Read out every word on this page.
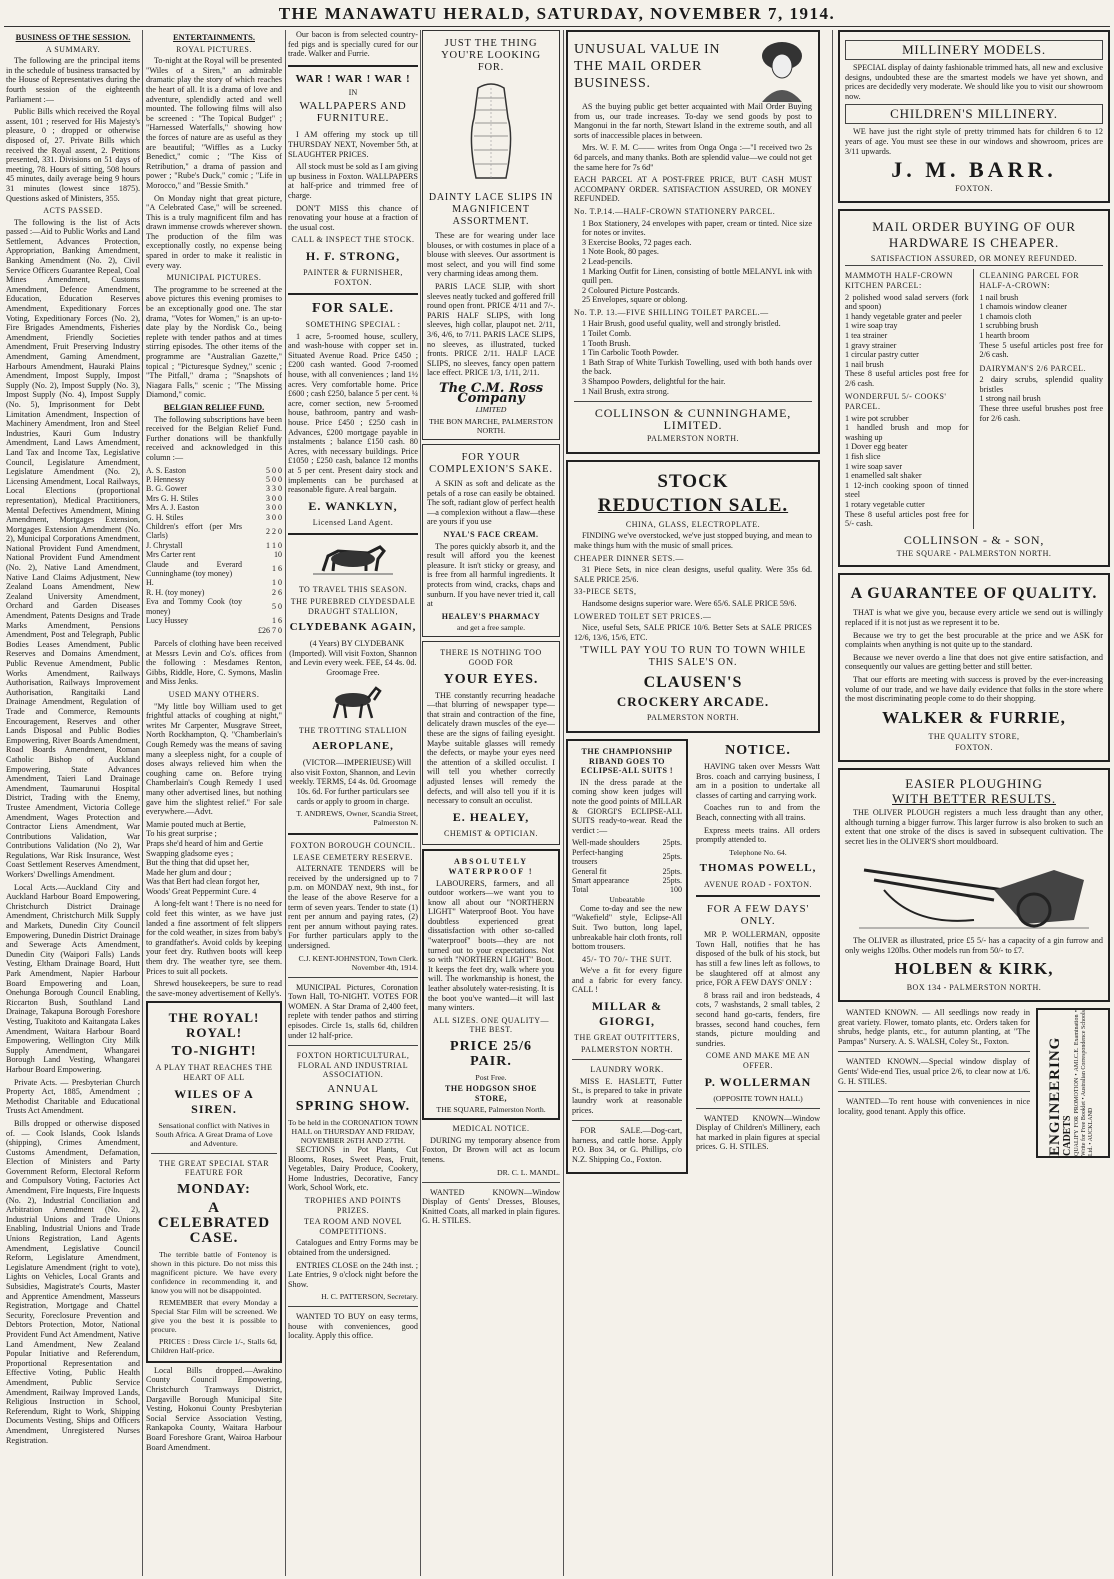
THE MANAWATU HERALD, SATURDAY, NOVEMBER 7, 1914.
BUSINESS OF THE SESSION.
A SUMMARY.
The following are the principal items in the schedule of business transacted by the House of Representatives during the fourth session of the eighteenth Parliament :—
Public Bills which received the Royal assent, 101 ; reserved for His Majesty's pleasure, 0 ; dropped or otherwise disposed of, 27. Private Bills which received the Royal assent, 2. Petitions presented, 331. Divisions on 51 days of meeting, 78. Hours of sitting, 508 hours 45 minutes, daily average being 9 hours 31 minutes (lowest since 1875). Questions asked of Ministers, 355.
ACTS PASSED.
The following is the list of Acts passed :—Aid to Public Works and Land Settlement, Advances Protection, Appropriation, Banking Amendment, Banking Amendment (No. 2), Civil Service Officers Guarantee Repeal, Coal Mines Amendment, Customs Amendment, Defence Amendment, Education, Education Reserves Amendment, Expeditionary Forces Voting, Expeditionary Forces (No. 2), Fire Brigades Amendments, Fisheries Amendment, Friendly Societies Amendment, Fruit Preserving Industry Amendment, Gaming Amendment, Harbours Amendment, Hauraki Plains Amendment, Impost Supply, Impost Supply (No. 2), Impost Supply (No. 3), Impost Supply (No. 4), Impost Supply (No. 5), Imprisonment for Debt Limitation Amendment, Inspection of Machinery Amendment, Iron and Steel Industries, Kauri Gum Industry Amendment, Land Laws Amendment, Land Tax and Income Tax, Legislative Council, Legislature Amendment, Legislature Amendment (No. 2), Licensing Amendment, Local Railways, Local Elections (proportional representation), Medical Practitioners, Mental Defectives Amendment, Mining Amendment, Mortgages Extension, Mortgages Extension Amendment (No. 2), Municipal Corporations Amendment, National Provident Fund Amendment, National Provident Fund Amendment (No. 2), Native Land Amendment, Native Land Claims Adjustment, New Zealand Loans Amendment, New Zealand University Amendment, Orchard and Garden Diseases Amendment, Patents Designs and Trade Marks Amendment, Pensions Amendment, Post and Telegraph, Public Bodies Leases Amendment, Public Reserves and Domains Amendment, Public Revenue Amendment, Public Works Amendment, Railways Authorisation, Railways Improvement Authorisation, Rangitaiki Land Drainage Amendment, Regulation of Trade and Commerce, Remounts Encouragement, Reserves and other Lands Disposal and Public Bodies Empowering, River Boards Amendment, Road Boards Amendment, Roman Catholic Bishop of Auckland Empowering, State Advances Amendment, Taieri Land Drainage Amendment, Taumarunui Hospital District, Trading with the Enemy, Trustee Amendment, Victoria College Amendment, Wages Protection and Contractor Liens Amendment, War Contributions Validation, War Contributions Validation (No 2), War Regulations, War Risk Insurance, West Coast Settlement Reserves Amendment, Workers' Dwellings Amendment.
Local Acts.—Auckland City and Auckland Harbour Board Empowering, Christchurch District Drainage Amendment, Christchurch Milk Supply and Markets, Dunedin City Council Empowering, Dunedin District Drainage and Sewerage Acts Amendment, Dunedin City (Waipori Falls) Lands Vesting, Eltham Drainage Board, Hutt Park Amendment, Napier Harbour Board Empowering and Loan, Onehunga Borough Council Enabling, Riccarton Bush, Southland Land Drainage, Takapuna Borough Foreshore Vesting, Tuakitoto and Kaitangata Lakes Amendment, Waitara Harbour Board Empowering, Wellington City Milk Supply Amendment, Whangarei Borough Land Vesting, Whangarei Harbour Board Empowering.
Private Acts. — Presbyterian Church Property Act, 1885, Amendment ; Methodist Charitable and Educational Trusts Act Amendment.
Bills dropped or otherwise disposed of. — Cook Islands, Cook Islands (shipping), Crimes Amendment, Customs Amendment, Defamation, Election of Ministers and Party Government Reform, Electoral Reform and Compulsory Voting, Factories Act Amendment, Fire Inquests, Fire Inquests (No. 2), Industrial Conciliation and Arbitration Amendment (No. 2), Industrial Unions and Trade Unions Enabling, Industrial Unions and Trade Unions Registration, Land Agents Amendment, Legislative Council Reform, Legislature Amendment, Legislature Amendment (right to vote), Lights on Vehicles, Local Grants and Subsidies, Magistrate's Courts, Master and Apprentice Amendment, Masseurs Registration, Mortgage and Chattel Security, Foreclosure Prevention and Debtors Protection, Motor, National Provident Fund Act Amendment, Native Land Amendment, New Zealand Popular Initiative and Referendum, Proportional Representation and Effective Voting, Public Health Amendment, Public Service Amendment, Railway Improved Lands, Religious Instruction in School, Referendum, Right to Work, Shipping Documents Vesting, Ships and Officers Amendment, Unregistered Nurses Registration.
ENTERTAINMENTS.
ROYAL PICTURES.
To-night at the Royal will be presented "Wiles of a Siren," an admirable dramatic play the story of which reaches the heart of all. It is a drama of love and adventure, splendidly acted and well mounted. The following films will also be screened : "The Topical Budget" ; "Harnessed Waterfalls," showing how the forces of nature are as useful as they are beautiful; "Wiffles as a Lucky Benedict," comic ; "The Kiss of Retribution," a drama of passion and power ; "Rube's Duck," comic ; "Life in Morocco," and "Bessie Smith."
On Monday night that great picture, "A Celebrated Case," will be screened. This is a truly magnificent film and has drawn immense crowds wherever shown. The production of the film was exceptionally costly, no expense being spared in order to make it realistic in every way.
MUNICIPAL PICTURES.
The programme to be screened at the above pictures this evening promises to be an exceptionally good one. The star drama, "Votes for Women," is an up-to-date play by the Nordisk Co., being replete with tender pathos and at times stirring episodes. The other items of the programme are "Australian Gazette," topical ; "Picturesque Sydney," scenic ; "The Pitfall," drama ; "Snapshots of Niagara Falls," scenic ; "The Missing Diamond," comic.
BELGIAN RELIEF FUND.
The following subscriptions have been received for the Belgian Relief Fund. Further donations will be thankfully received and acknowledged in this column :—
A. S. Easton	5 0 0
P. Hennessy	5 0 0
B. G. Gower	3 3 0
Mrs G. H. Stiles	3 0 0
Mrs A. J. Easton	3 0 0
G. H. Stiles	3 0 0
Children's effort (per Mrs Clarls)	2 2 0
J. Chrystall	1 1 0
Mrs Carter rent	10
Claude and Everard Cunninghame (toy money)	1 6
H.	1 0
R. H. (toy money)	2 6
Eva and Tommy Cook (toy money)	5 0
Lucy Hussey	1 6
£26 7 0
Parcels of clothing have been received at Messrs Levin and Co's. offices from the following : Mesdames Renton, Gibbs, Riddle, Hore, C. Symons, Maslin and Miss Jenks.
USED MANY OTHERS.
"My little boy William used to get frightful attacks of coughing at night," writes Mr Carpenter, Musgrave Street, North Rockhampton, Q. "Chamberlain's Cough Remedy was the means of saving many a sleepless night, for a couple of doses always relieved him when the coughing came on. Before trying Chamberlain's Cough Remedy I used many other advertised lines, but nothing gave him the slightest relief." For sale everywhere.—Advt.
Mamie pouted much at Bertie,
To his great surprise ;
Praps she'd heard of him and Gertie
Swapping gladsome eyes ;
But the thing that did upset her,
Made her glum and dour ;
Was that Bert had clean forgot her,
Woods' Great Peppermint Cure. 4
A long-felt want ! There is no need for cold feet this winter, as we have just landed a fine assortment of felt slippers for the cold weather, in sizes from baby's to grandfather's. Avoid colds by keeping your feet dry. Ruthven boots will keep them dry. The weather tyre, see them. Prices to suit all pockets.
Shrewd housekeepers, be sure to read the save-money advertisement of Kelly's.
THE ROYAL! ROYAL!
TO-NIGHT!
A PLAY THAT REACHES THE HEART OF ALL
WILES OF A SIREN.
Sensational conflict with Natives in South Africa. A Great Drama of Love and Adventure.
THE GREAT SPECIAL STAR FEATURE FOR
MONDAY:
A CELEBRATED CASE.
The terrible battle of Fontenoy is shown in this picture. Do not miss this magnificent picture. We have every confidence in recommending it, and know you will not be disappointed.
REMEMBER that every Monday a Special Star Film will be screened. We give you the best it is possible to procure.
PRICES : Dress Circle 1/-, Stalls 6d, Children Half-price.
Local Bills dropped.—Awakino County Council Empowering, Christchurch Tramways District, Dargaville Borough Municipal Site Vesting, Hokonui County Presbyterian Social Service Association Vesting, Rankapoka County, Waitara Harbour Board Foreshore Grant, Wairoa Harbour Board Amendment.
Our bacon is from selected country-fed pigs and is specially cured for our trade. Walker and Furrie.
WAR ! WAR ! WAR !
IN
WALLPAPERS AND FURNITURE.
I AM offering my stock up till THURSDAY NEXT, November 5th, at SLAUGHTER PRICES.
All stock must be sold as I am giving up business in Foxton. WALLPAPERS at half-price and trimmed free of charge.
DON'T MISS this chance of renovating your house at a fraction of the usual cost.
CALL & INSPECT THE STOCK.
H. F. STRONG,
PAINTER & FURNISHER, FOXTON.
FOR SALE.
SOMETHING SPECIAL :
1 acre, 5-roomed house, scullery, and wash-house with copper set in. Situated Avenue Road. Price £450 ; £200 cash wanted. Good 7-roomed house, with all conveniences ; land 1½ acres. Very comfortable home. Price £600 ; cash £250, balance 5 per cent. ¼ acre, corner section, new 5-roomed house, bathroom, pantry and wash-house. Price £450 ; £250 cash in Advances, £200 mortgage payable in instalments ; balance £150 cash. 80 Acres, with necessary buildings. Price £1050 ; £250 cash, balance 12 months at 5 per cent. Present dairy stock and implements can be purchased at reasonable figure. A real bargain.
E. WANKLYN,
Licensed Land Agent.
TO TRAVEL THIS SEASON.
THE PUREBRED CLYDESDALE DRAUGHT STALLION,
CLYDEBANK AGAIN,
(4 Years) BY CLYDEBANK (Imported). Will visit Foxton, Shannon and Levin every week. FEE, £4 4s. 0d. Groomage Free.
THE TROTTING STALLION
AEROPLANE,
(VICTOR—IMPERIEUSE) Will also visit Foxton, Shannon, and Levin weekly. TERMS, £4 4s. 0d. Groomage 10s. 6d. For further particulars see cards or apply to groom in charge.
T. ANDREWS, Owner, Scandia Street, Palmerston N.
FOXTON BOROUGH COUNCIL.
LEASE CEMETERY RESERVE.
ALTERNATE TENDERS will be received by the undersigned up to 7 p.m. on MONDAY next, 9th inst., for the lease of the above Reserve for a term of seven years. Tender to state (1) rent per annum and paying rates, (2) rent per annum without paying rates. For further particulars apply to the undersigned.
C.J. KENT-JOHNSTON, Town Clerk. November 4th, 1914.
MUNICIPAL Pictures, Coronation Town Hall, TO-NIGHT. VOTES FOR WOMEN. A Star Drama of 2,400 feet, replete with tender pathos and stirring episodes. Circle 1s, stalls 6d, children under 12 half-price.
FOXTON HORTICULTURAL, FLORAL AND INDUSTRIAL ASSOCIATION.
ANNUAL
SPRING SHOW.
To be held in the CORONATION TOWN HALL on THURSDAY AND FRIDAY, NOVEMBER 26TH AND 27TH.
SECTIONS in Pot Plants, Cut Blooms, Roses, Sweet Peas, Fruit, Vegetables, Dairy Produce, Cookery, Home Industries, Decorative, Fancy Work, School Work, etc.
TROPHIES AND POINTS PRIZES.
TEA ROOM AND NOVEL COMPETITIONS.
Catalogues and Entry Forms may be obtained from the undersigned.
ENTRIES CLOSE on the 24th inst. ; Late Entries, 9 o'clock night before the Show.
H. C. PATTERSON, Secretary.
WANTED TO BUY on easy terms, house with conveniences, good locality. Apply this office.
JUST THE THING YOU'RE LOOKING FOR.
DAINTY LACE SLIPS IN MAGNIFICENT ASSORTMENT.
These are for wearing under lace blouses, or with costumes in place of a blouse with sleeves. Our assortment is most select, and you will find some very charming ideas among them.
PARIS LACE SLIP, with short sleeves neatly tucked and goffered frill round open front. PRICE 4/11 and 7/-. PARIS HALF SLIPS, with long sleeves, high collar, plaupot net. 2/11, 3/6, 4/6, to 7/11. PARIS LACE SLIPS, no sleeves, as illustrated, tucked fronts. PRICE 2/11. HALF LACE SLIPS, no sleeves, fancy open pattern lace effect. PRICE 1/3, 1/11, 2/11.
The C.M. Ross Company
LIMITED
THE BON MARCHE, PALMERSTON NORTH.
FOR YOUR COMPLEXION'S SAKE.
A SKIN as soft and delicate as the petals of a rose can easily be obtained. The soft, radiant glow of perfect health—a complexion without a flaw—these are yours if you use
NYAL'S FACE CREAM.
The pores quickly absorb it, and the result will afford you the keenest pleasure. It isn't sticky or greasy, and is free from all harmful ingredients. It protects from wind, cracks, chaps and sunburn. If you have never tried it, call at
HEALEY'S PHARMACY
and get a free sample.
THERE IS NOTHING TOO GOOD FOR
YOUR EYES.
THE constantly recurring headache—that blurring of newspaper type—that strain and contraction of the fine, delicately drawn muscles of the eye—these are the signs of failing eyesight. Maybe suitable glasses will remedy the defects, or maybe your eyes need the attention of a skilled occulist. I will tell you whether correctly adjusted lenses will remedy the defects, and will also tell you if it is necessary to consult an occulist.
E. HEALEY,
CHEMIST & OPTICIAN.
ABSOLUTELY WATERPROOF !
LABOURERS, farmers, and all outdoor workers—we want you to know all about our "NORTHERN LIGHT" Waterproof Boot. You have doubtless experienced great dissatisfaction with other so-called "waterproof" boots—they are not turned out to your expectations. Not so with "NORTHERN LIGHT" Boot. It keeps the feet dry, walk where you will. The workmanship is honest, the leather absolutely water-resisting. It is the boot you've wanted—it will last many winters.
ALL SIZES. ONE QUALITY—THE BEST.
PRICE 25/6 PAIR.
Post Free.
THE HODGSON SHOE STORE,
THE SQUARE, Palmerston North.
MEDICAL NOTICE.
DURING my temporary absence from Foxton, Dr Brown will act as locum tenens.
DR. C. L. MANDL.
WANTED KNOWN—Window Display of Gents' Dresses, Blouses, Knitted Coats, all marked in plain figures. G. H. STILES.
UNUSUAL VALUE IN THE MAIL ORDER BUSINESS.
AS the buying public get better acquainted with Mail Order Buying from us, our trade increases. To-day we send goods by post to Mangonui in the far north, Stewart Island in the extreme south, and all sorts of inaccessible places in between.
Mrs. W. F. M. C—— writes from Onga Onga :—"I received two 2s 6d parcels, and many thanks. Both are splendid value—we could not get the same here for 7s 6d"
EACH PARCEL AT A POST-FREE PRICE, BUT CASH MUST ACCOMPANY ORDER. SATISFACTION ASSURED, OR MONEY REFUNDED.
No. T.P.14.—HALF-CROWN STATIONERY PARCEL.
1 Box Stationery, 24 envelopes with paper, cream or tinted. Nice size for notes or invites.
3 Exercise Books, 72 pages each.
1 Note Book, 80 pages.
2 Lead-pencils.
1 Marking Outfit for Linen, consisting of bottle MELANYL ink with quill pen.
2 Coloured Picture Postcards.
25 Envelopes, square or oblong.
No. T.P. 13.—FIVE SHILLING TOILET PARCEL.—
1 Hair Brush, good useful quality, well and strongly bristled.
1 Toilet Comb.
1 Tooth Brush.
1 Tin Carbolic Tooth Powder.
1 Bath Strap of White Turkish Towelling, used with both hands over the back.
3 Shampoo Powders, delightful for the hair.
1 Nail Brush, extra strong.
COLLINSON & CUNNINGHAME, LIMITED.
PALMERSTON NORTH.
STOCK
REDUCTION SALE.
CHINA, GLASS, ELECTROPLATE.
FINDING we've overstocked, we've just stopped buying, and mean to make things hum with the music of small prices.
CHEAPER DINNER SETS.—
31 Piece Sets, in nice clean designs, useful quality. Were 35s 6d. SALE PRICE 25/6.
33-PIECE SETS,
Handsome designs superior ware. Were 65/6. SALE PRICE 59/6.
LOWERED TOILET SET PRICES.—
Nice, useful Sets, SALE PRICE 10/6. Better Sets at SALE PRICES 12/6, 13/6, 15/6, ETC.
'TWILL PAY YOU TO RUN TO TOWN WHILE THIS SALE'S ON.
CLAUSEN'S
CROCKERY ARCADE.
PALMERSTON NORTH.
THE CHAMPIONSHIP RIBAND GOES TO ECLIPSE-ALL SUITS !
IN the dress parade at the coming show keen judges will note the good points of MILLAR & GIORGI'S ECLIPSE-ALL SUITS ready-to-wear. Read the verdict :—
Well-made shoulders	25pts.
Perfect-hanging trousers	25pts.
General fit	25pts.
Smart appearance	25pts.
Total	100
Unbeatable
Come to-day and see the new "Wakefield" style, Eclipse-All Suit. Two button, long lapel, unbreakable hair cloth fronts, roll bottom trousers.
45/- TO 70/- THE SUIT.
We've a fit for every figure and a fabric for every fancy. CALL !
MILLAR & GIORGI,
THE GREAT OUTFITTERS,
PALMERSTON NORTH.
LAUNDRY WORK.
MISS E. HASLETT, Futter St., is prepared to take in private laundry work at reasonable prices.
FOR SALE.—Dog-cart, harness, and cattle horse. Apply P.O. Box 34, or G. Phillips, c/o N.Z. Shipping Co., Foxton.
NOTICE.
HAVING taken over Messrs Watt Bros. coach and carrying business, I am in a position to undertake all classes of carting and carrying work.
Coaches run to and from the Beach, connecting with all trains.
Express meets trains. All orders promptly attended to.
Telephone No. 64.
THOMAS POWELL,
AVENUE ROAD - FOXTON.
FOR A FEW DAYS' ONLY.
MR P. WOLLERMAN, opposite Town Hall, notifies that he has disposed of the bulk of his stock, but has still a few lines left as follows, to be slaughtered off at almost any price, FOR A FEW DAYS' ONLY :
8 brass rail and iron bedsteads, 4 cots, 7 washstands, 2 small tables, 2 second hand go-carts, fenders, fire brasses, second hand couches, fern stands, picture moulding and sundries.
COME AND MAKE ME AN OFFER.
P. WOLLERMAN
(OPPOSITE TOWN HALL)
WANTED KNOWN—Window Display of Children's Millinery, each hat marked in plain figures at special prices. G. H. STILES.
MILLINERY MODELS.
SPECIAL display of dainty fashionable trimmed hats, all new and exclusive designs, undoubted these are the smartest models we have yet shown, and prices are decidedly very moderate. We should like you to visit our showroom now.
CHILDREN'S MILLINERY.
WE have just the right style of pretty trimmed hats for children 6 to 12 years of age. You must see these in our windows and showroom, prices are 3/11 upwards.
J. M. BARR.
FOXTON.
MAIL ORDER BUYING OF OUR HARDWARE IS CHEAPER.
SATISFACTION ASSURED, OR MONEY REFUNDED.
MAMMOTH HALF-CROWN KITCHEN PARCEL:
2 polished wood salad servers (fork and spoon)
1 handy vegetable grater and peeler
1 wire soap tray
1 tea strainer
1 gravy strainer
1 circular pastry cutter
1 nail brush
These 8 useful articles post free for 2/6 cash.
WONDERFUL 5/- COOKS' PARCEL.
1 wire pot scrubber
1 handled brush and mop for washing up
1 Dover egg beater
1 fish slice
1 wire soap saver
1 enamelled salt shaker
1 12-inch cooking spoon of tinned steel
1 rotary vegetable cutter
These 8 useful articles post free for 5/- cash.
CLEANING PARCEL FOR HALF-A-CROWN:
1 nail brush
1 chamois window cleaner
1 chamois cloth
1 scrubbing brush
1 hearth broom
These 5 useful articles post free for 2/6 cash.
DAIRYMAN'S 2/6 PARCEL.
2 dairy scrubs, splendid quality bristles
1 strong nail brush
These three useful brushes post free for 2/6 cash.
COLLINSON - & - SON,
THE SQUARE - PALMERSTON NORTH.
A GUARANTEE OF QUALITY.
THAT is what we give you, because every article we send out is willingly replaced if it is not just as we represent it to be.
Because we try to get the best procurable at the price and we ASK for complaints when anything is not quite up to the standard.
Because we never overdo a line that does not give entire satisfaction, and consequently our values are getting better and still better.
That our efforts are meeting with success is proved by the ever-increasing volume of our trade, and we have daily evidence that folks in the store where the most discriminating people come to do their shopping.
WALKER & FURRIE,
THE QUALITY STORE,
FOXTON.
EASIER PLOUGHING
WITH BETTER RESULTS.
THE OLIVER PLOUGH registers a much less draught than any other, although turning a bigger furrow. This larger furrow is also broken to such an extent that one stroke of the discs is saved in subsequent cultivation. The secret lies in the OLIVER'S short mouldboard.
The OLIVER as illustrated, price £5 5/- has a capacity of a gin furrow and only weighs 120lbs. Other models run from 50/- to £7.
HOLBEN & KIRK,
BOX 134 - PALMERSTON NORTH.
WANTED KNOWN. — All seedlings now ready in great variety. Flower, tomato plants, etc. Orders taken for shrubs, hedge plants, etc., for autumn planting, at "The Pampas" Nursery. A. S. WALSH, Coley St., Foxton.
WANTED KNOWN.—Special window display of Gents' Wide-end Ties, usual price 2/6, to clear now at 1/6. G. H. STILES.
WANTED—To rent house with conveniences in nice locality, good tenant. Apply this office.	ENGINEERING
CADETS QUALIFY FOR PROMOTION • AMI.C.E. Examination • Write for Free Booklet • Australian Correspondence Schools Ltd. • AUCKLAND
